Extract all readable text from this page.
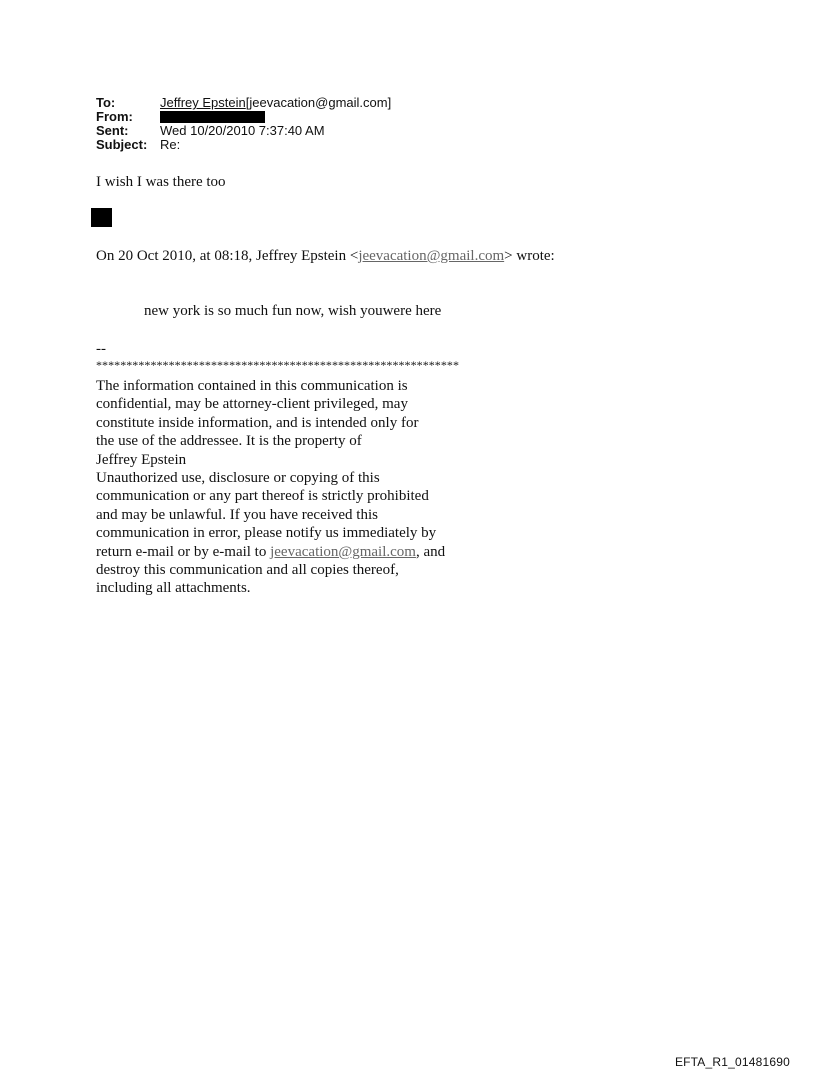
To:	Jeffrey Epstein[jeevacation@gmail.com]
From:
Sent:	Wed 10/20/2010 7:37:40 AM
Subject: Re:
I wish I was there too
On 20 Oct 2010, at 08:18, Jeffrey Epstein <jeevacation@gmail.com> wrote:
new york is so much fun now, wish youwere here
--
************************************************************
The information contained in this communication is
confidential, may be attorney-client privileged, may
constitute inside information, and is intended only for
the use of the addressee. It is the property of
Jeffrey Epstein
Unauthorized use, disclosure or copying of this
communication or any part thereof is strictly prohibited
and may be unlawful. If you have received this
communication in error, please notify us immediately by
return e-mail or by e-mail to jeevacation@gmail.com, and
destroy this communication and all copies thereof,
including all attachments.
EFTA_R1_01481690
